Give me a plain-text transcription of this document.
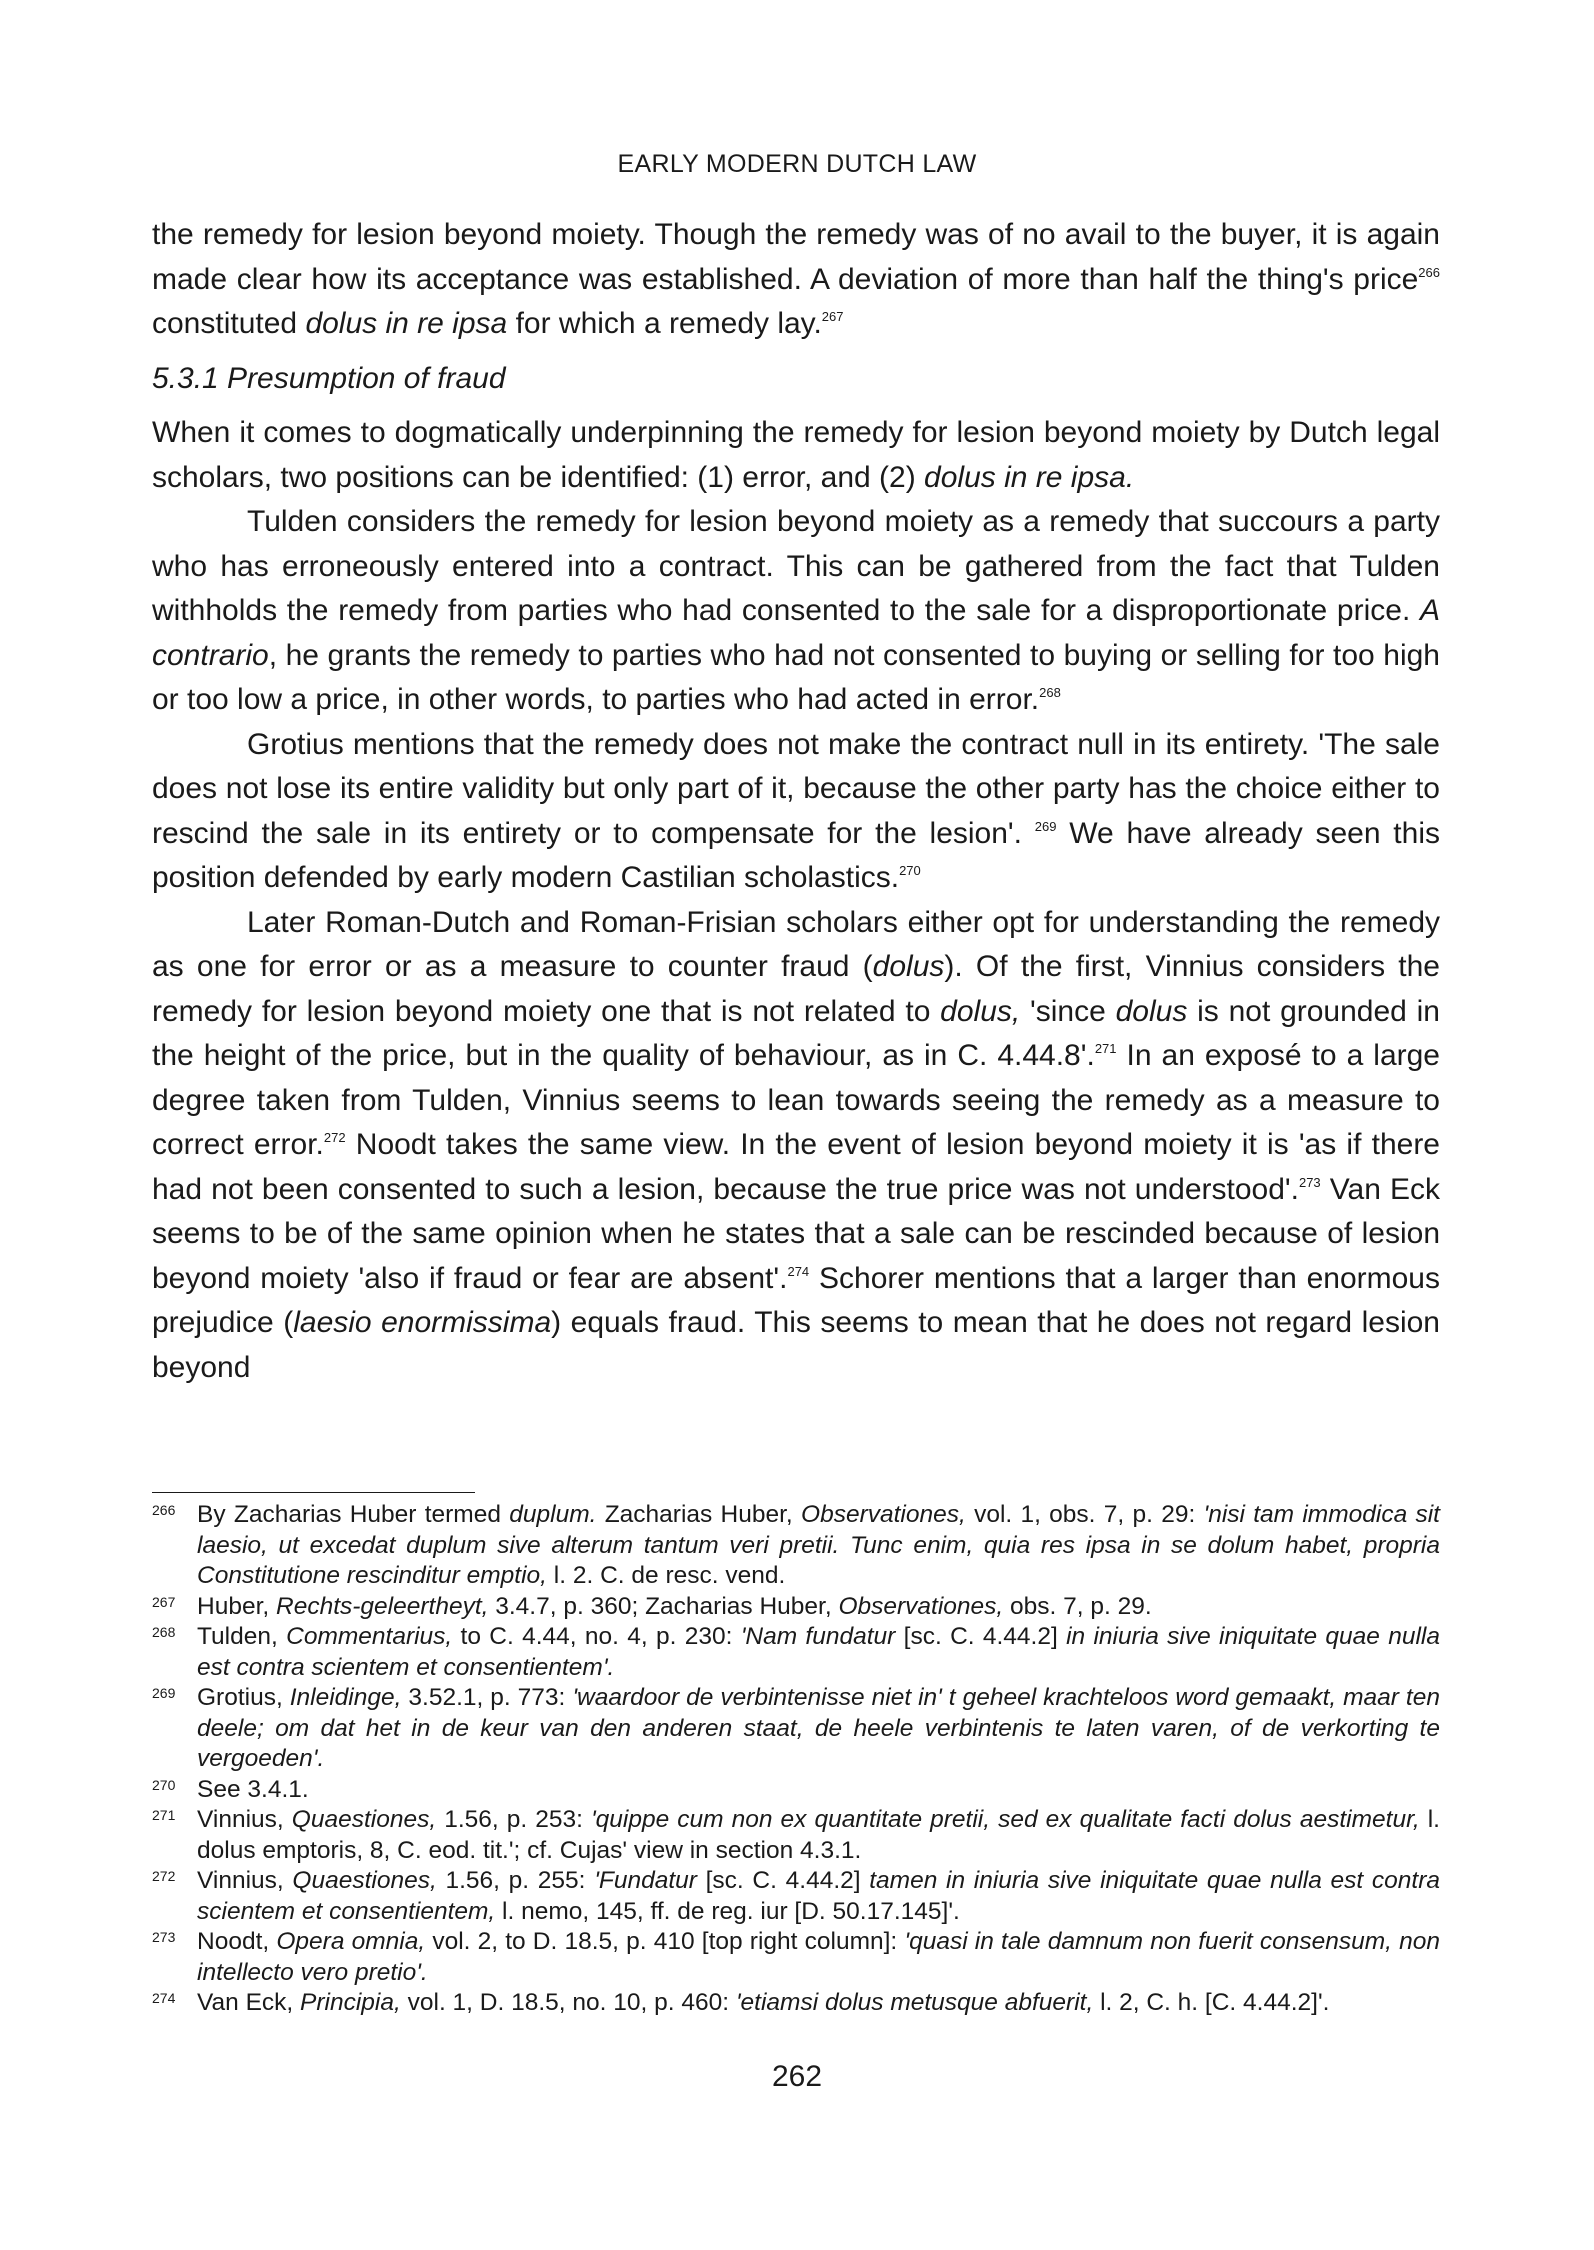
EARLY MODERN DUTCH LAW

the remedy for lesion beyond moiety. Though the remedy was of no avail to the buyer, it is again made clear how its acceptance was established. A deviation of more than half the thing's price$^{266}$ constituted dolus in re ipsa for which a remedy lay.$^{267}$

5.3.1 Presumption of fraud

When it comes to dogmatically underpinning the remedy for lesion beyond moiety by Dutch legal scholars, two positions can be identified: (1) error, and (2) dolus in re ipsa.

Tulden considers the remedy for lesion beyond moiety as a remedy that succours a party who has erroneously entered into a contract. This can be gathered from the fact that Tulden withholds the remedy from parties who had consented to the sale for a disproportionate price. A contrario, he grants the remedy to parties who had not consented to buying or selling for too high or too low a price, in other words, to parties who had acted in error.$^{268}$

Grotius mentions that the remedy does not make the contract null in its entirety. 'The sale does not lose its entire validity but only part of it, because the other party has the choice either to rescind the sale in its entirety or to compensate for the lesion'. $^{269}$ We have already seen this position defended by early modern Castilian scholastics.$^{270}$

Later Roman-Dutch and Roman-Frisian scholars either opt for understanding the remedy as one for error or as a measure to counter fraud (dolus). Of the first, Vinnius considers the remedy for lesion beyond moiety one that is not related to dolus, 'since dolus is not grounded in the height of the price, but in the quality of behaviour, as in C. 4.44.8'.$^{271}$ In an exposé to a large degree taken from Tulden, Vinnius seems to lean towards seeing the remedy as a measure to correct error.$^{272}$ Noodt takes the same view. In the event of lesion beyond moiety it is 'as if there had not been consented to such a lesion, because the true price was not understood'.$^{273}$ Van Eck seems to be of the same opinion when he states that a sale can be rescinded because of lesion beyond moiety 'also if fraud or fear are absent'.$^{274}$ Schorer mentions that a larger than enormous prejudice (laesio enormissima) equals fraud. This seems to mean that he does not regard lesion beyond

266 By Zacharias Huber termed duplum. Zacharias Huber, Observationes, vol. 1, obs. 7, p. 29: 'nisi tam immodica sit laesio, ut excedat duplum sive alterum tantum veri pretii. Tunc enim, quia res ipsa in se dolum habet, propria Constitutione rescinditur emptio, l. 2. C. de resc. vend.

267 Huber, Rechts-geleertheyt, 3.4.7, p. 360; Zacharias Huber, Observationes, obs. 7, p. 29.

268 Tulden, Commentarius, to C. 4.44, no. 4, p. 230: 'Nam fundatur [sc. C. 4.44.2] in iniuria sive iniquitate quae nulla est contra scientem et consentientem'.

269 Grotius, Inleidinge, 3.52.1, p. 773: 'waardoor de verbintenisse niet in' t geheel krachteloos word gemaakt, maar ten deele; om dat het in de keur van den anderen staat, de heele verbintenis te laten varen, of de verkorting te vergoeden'.

270 See 3.4.1.

271 Vinnius, Quaestiones, 1.56, p. 253: 'quippe cum non ex quantitate pretii, sed ex qualitate facti dolus aestimetur, l. dolus emptoris, 8, C. eod. tit.'; cf. Cujas' view in section 4.3.1.

272 Vinnius, Quaestiones, 1.56, p. 255: 'Fundatur [sc. C. 4.44.2] tamen in iniuria sive iniquitate quae nulla est contra scientem et consentientem, l. nemo, 145, ff. de reg. iur [D. 50.17.145]'.

273 Noodt, Opera omnia, vol. 2, to D. 18.5, p. 410 [top right column]: 'quasi in tale damnum non fuerit consensum, non intellecto vero pretio'.

274 Van Eck, Principia, vol. 1, D. 18.5, no. 10, p. 460: 'etiamsi dolus metusque abfuerit, l. 2, C. h. [C. 4.44.2]'.

262
